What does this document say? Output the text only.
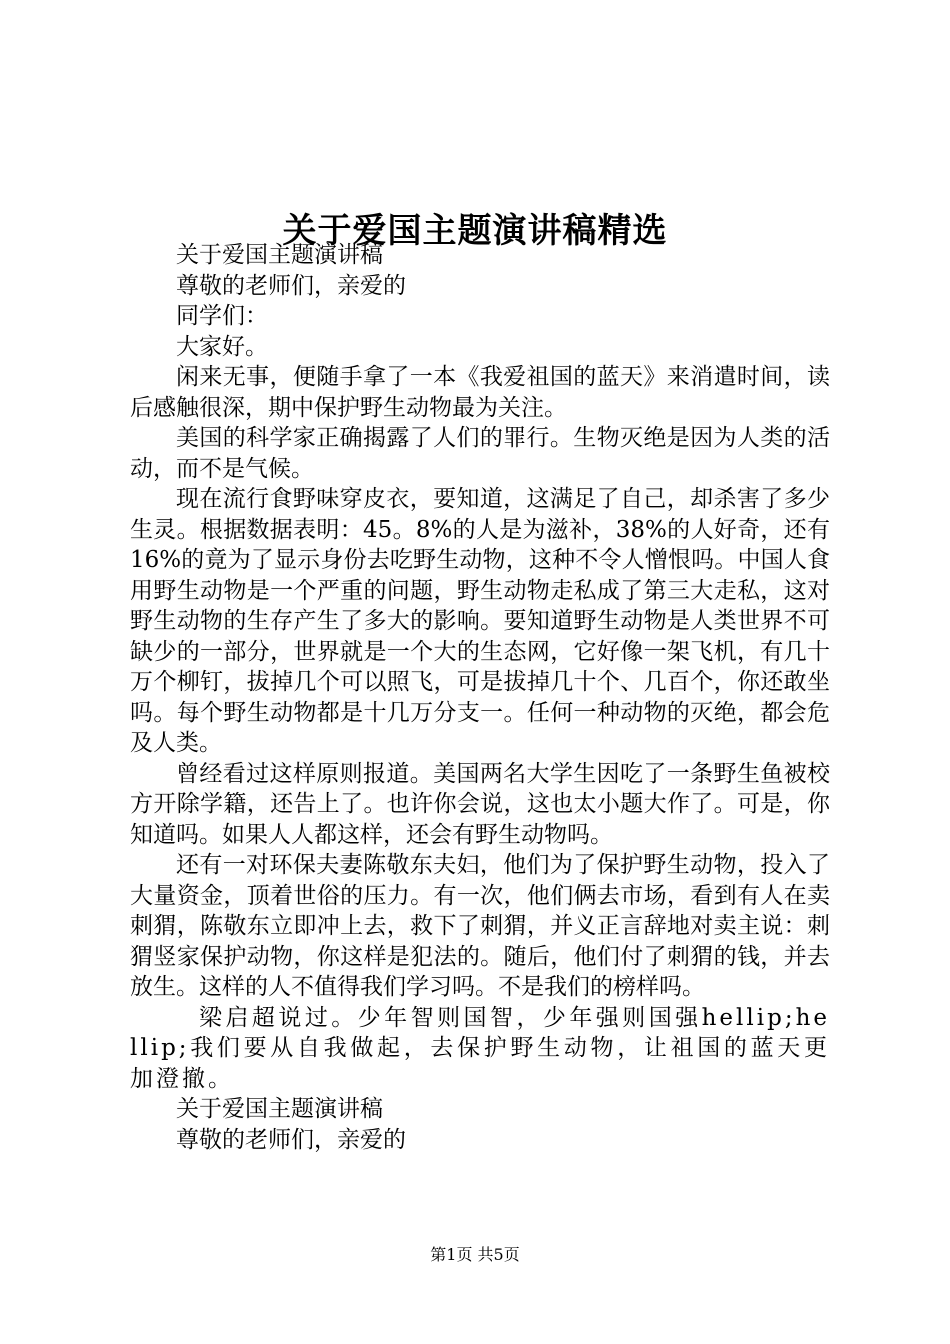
关于爱国主题演讲稿精选

关于爱国主题演讲稿

尊敬的老师们，亲爱的

同学们：

大家好。

闲来无事，便随手拿了一本《我爱祖国的蓝天》来消遣时间，读后感触很深，期中保护野生动物最为关注。

美国的科学家正确揭露了人们的罪行。生物灭绝是因为人类的活动，而不是气候。

现在流行食野味穿皮衣，要知道，这满足了自己，却杀害了多少生灵。根据数据表明：45。8%的人是为滋补，38%的人好奇，还有16%的竟为了显示身份去吃野生动物，这种不令人憎恨吗。中国人食用野生动物是一个严重的问题，野生动物走私成了第三大走私，这对野生动物的生存产生了多大的影响。要知道野生动物是人类世界不可缺少的一部分，世界就是一个大的生态网，它好像一架飞机，有几十万个柳钉，拔掉几个可以照飞，可是拔掉几十个、几百个，你还敢坐吗。每个野生动物都是十几万分支一。任何一种动物的灭绝，都会危及人类。

曾经看过这样原则报道。美国两名大学生因吃了一条野生鱼被校方开除学籍，还告上了。也许你会说，这也太小题大作了。可是，你知道吗。如果人人都这样，还会有野生动物吗。

还有一对环保夫妻陈敬东夫妇，他们为了保护野生动物，投入了大量资金，顶着世俗的压力。有一次，他们俩去市场，看到有人在卖刺猬，陈敬东立即冲上去，救下了刺猬，并义正言辞地对卖主说：刺猬竖家保护动物，你这样是犯法的。随后，他们付了刺猬的钱，并去放生。这样的人不值得我们学习吗。不是我们的榜样吗。

梁启超说过。少年智则国智，少年强则国强hellip;hellip;我们要从自我做起，去保护野生动物，让祖国的蓝天更加澄撤。

关于爱国主题演讲稿

尊敬的老师们，亲爱的

第1页 共5页
